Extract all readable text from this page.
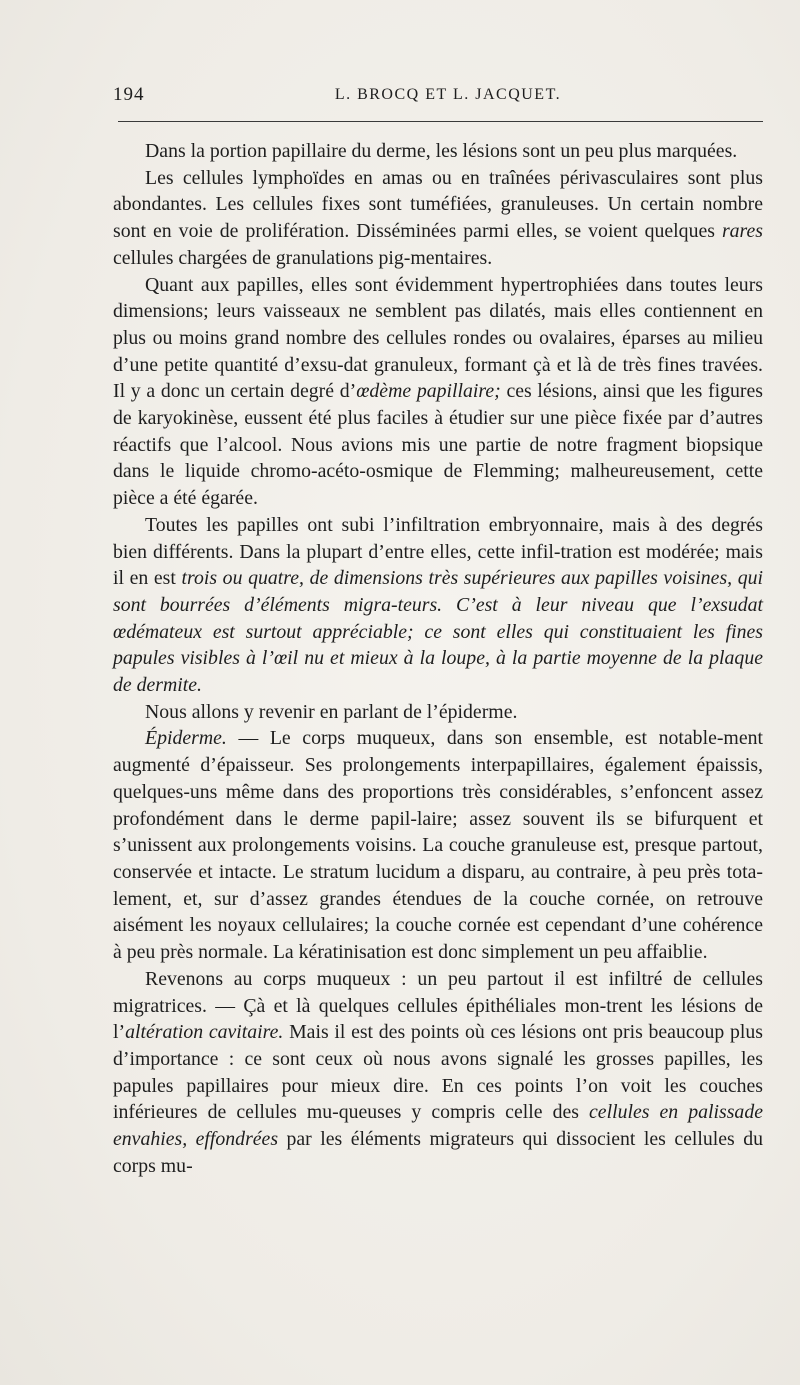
194	L. BROCQ ET L. JACQUET.

Dans la portion papillaire du derme, les lésions sont un peu plus marquées.

Les cellules lymphoïdes en amas ou en traînées périvasculaires sont plus abondantes. Les cellules fixes sont tuméfiées, granuleuses. Un certain nombre sont en voie de prolifération. Disséminées parmi elles, se voient quelques rares cellules chargées de granulations pig-mentaires.

Quant aux papilles, elles sont évidemment hypertrophiées dans toutes leurs dimensions; leurs vaisseaux ne semblent pas dilatés, mais elles contiennent en plus ou moins grand nombre des cellules rondes ou ovalaires, éparses au milieu d’une petite quantité d’exsu-dat granuleux, formant çà et là de très fines travées. Il y a donc un certain degré d’œdème papillaire; ces lésions, ainsi que les figures de karyokinèse, eussent été plus faciles à étudier sur une pièce fixée par d’autres réactifs que l’alcool. Nous avions mis une partie de notre fragment biopsique dans le liquide chromo-acéto-osmique de Flemming; malheureusement, cette pièce a été égarée.

Toutes les papilles ont subi l’infiltration embryonnaire, mais à des degrés bien différents. Dans la plupart d’entre elles, cette infil-tration est modérée; mais il en est trois ou quatre, de dimensions très supérieures aux papilles voisines, qui sont bourrées d’éléments migra-teurs. C’est à leur niveau que l’exsudat œdémateux est surtout appréciable; ce sont elles qui constituaient les fines papules visibles à l’œil nu et mieux à la loupe, à la partie moyenne de la plaque de dermite.

Nous allons y revenir en parlant de l’épiderme.

Épiderme. — Le corps muqueux, dans son ensemble, est notable-ment augmenté d’épaisseur. Ses prolongements interpapillaires, également épaissis, quelques-uns même dans des proportions très considérables, s’enfoncent assez profondément dans le derme papil-laire; assez souvent ils se bifurquent et s’unissent aux prolongements voisins. La couche granuleuse est, presque partout, conservée et intacte. Le stratum lucidum a disparu, au contraire, à peu près tota-lement, et, sur d’assez grandes étendues de la couche cornée, on retrouve aisément les noyaux cellulaires; la couche cornée est cependant d’une cohérence à peu près normale. La kératinisation est donc simplement un peu affaiblie.

Revenons au corps muqueux : un peu partout il est infiltré de cellules migratrices. — Çà et là quelques cellules épithéliales mon-trent les lésions de l’altération cavitaire. Mais il est des points où ces lésions ont pris beaucoup plus d’importance : ce sont ceux où nous avons signalé les grosses papilles, les papules papillaires pour mieux dire. En ces points l’on voit les couches inférieures de cellules mu-queuses y compris celle des cellules en palissade envahies, effondrées par les éléments migrateurs qui dissocient les cellules du corps mu-
